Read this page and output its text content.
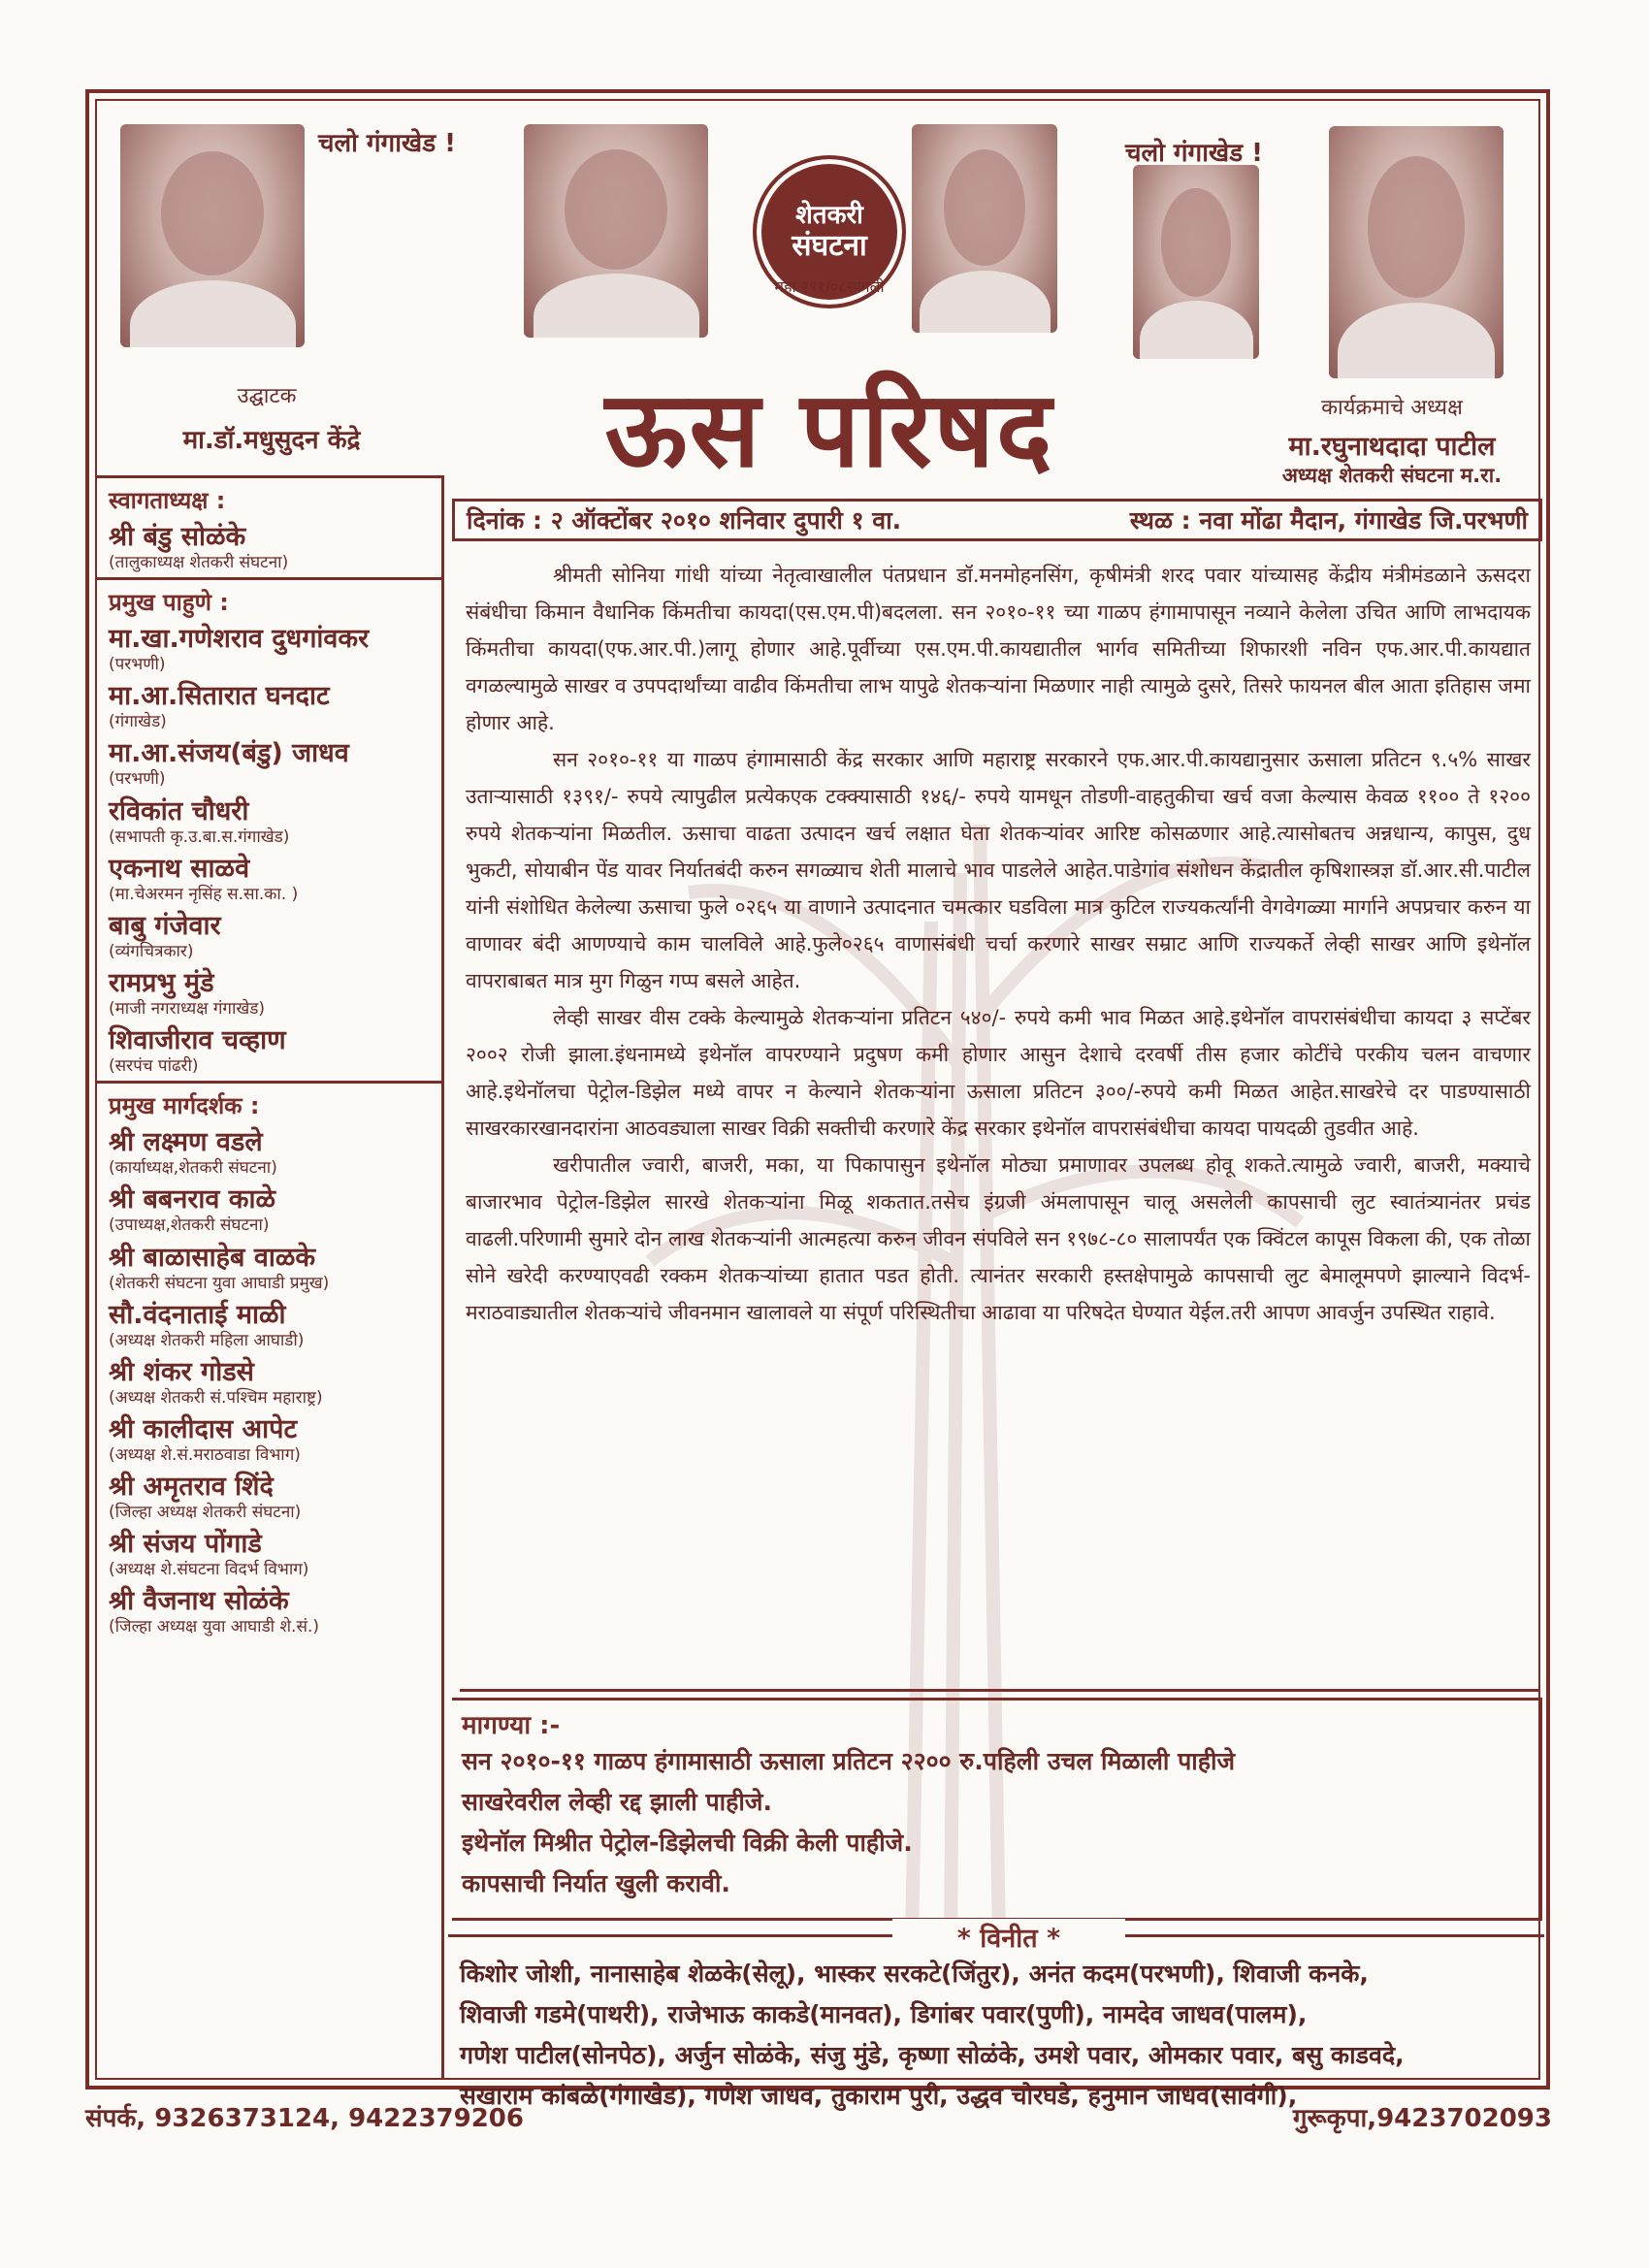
चलो गंगाखेड !	चलो गंगाखेड !
शेतकरी
संघटना
महा.२९१/०८सांगली
उद्घाटक
मा.डॉ.मधुसुदन केंद्रे	ऊस परिषद	कार्यक्रमाचे अध्यक्ष
मा.रघुनाथदादा पाटील
अध्यक्ष शेतकरी संघटना म.रा.
स्वागताध्यक्ष :
श्री बंडु सोळंके
(तालुकाध्यक्ष शेतकरी संघटना)
प्रमुख पाहुणे :
मा.खा.गणेशराव दुधगांवकर
(परभणी)
मा.आ.सितारात घनदाट
(गंगाखेड)
मा.आ.संजय(बंडु) जाधव
(परभणी)
रविकांत चौधरी
(सभापती कृ.उ.बा.स.गंगाखेड)
एकनाथ साळवे
(मा.चेअरमन नृसिंह स.सा.का. )
बाबु गंजेवार
(व्यंगचित्रकार)
रामप्रभु मुंडे
(माजी नगराध्यक्ष गंगाखेड)
शिवाजीराव चव्हाण
(सरपंच पांढरी)
प्रमुख मार्गदर्शक :
श्री लक्ष्मण वडले
(कार्याध्यक्ष,शेतकरी संघटना)
श्री बबनराव काळे
(उपाध्यक्ष,शेतकरी संघटना)
श्री बाळासाहेब वाळके
(शेतकरी संघटना युवा आघाडी प्रमुख)
सौ.वंदनाताई माळी
(अध्यक्ष शेतकरी महिला आघाडी)
श्री शंकर गोडसे
(अध्यक्ष शेतकरी सं.पश्चिम महाराष्ट्र)
श्री कालीदास आपेट
(अध्यक्ष शे.सं.मराठवाडा विभाग)
श्री अमृतराव शिंदे
(जिल्हा अध्यक्ष शेतकरी संघटना)
श्री संजय पोंगाडे
(अध्यक्ष शे.संघटना विदर्भ विभाग)
श्री वैजनाथ सोळंके
(जिल्हा अध्यक्ष युवा आघाडी शे.सं.)
दिनांक : २ ऑक्टोंबर २०१० शनिवार दुपारी १ वा.	स्थळ : नवा मोंढा मैदान, गंगाखेड जि.परभणी

श्रीमती सोनिया गांधी यांच्या नेतृत्वाखालील पंतप्रधान डॉ.मनमोहनसिंग, कृषीमंत्री शरद पवार यांच्यासह केंद्रीय मंत्रीमंडळाने ऊसदरा संबंधीचा किमान वैधानिक किंमतीचा कायदा(एस.एम.पी)बदलला. सन २०१०-११ च्या गाळप हंगामापासून नव्याने केलेला उचित आणि लाभदायक किंमतीचा कायदा(एफ.आर.पी.)लागू होणार आहे.पूर्वीच्या एस.एम.पी.कायद्यातील भार्गव समितीच्या शिफारशी नविन एफ.आर.पी.कायद्यात वगळल्यामुळे साखर व उपपदार्थांच्या वाढीव किंमतीचा लाभ यापुढे शेतकऱ्यांना मिळणार नाही त्यामुळे दुसरे, तिसरे फायनल बील आता इतिहास जमा होणार आहे.

सन २०१०-११ या गाळप हंगामासाठी केंद्र सरकार आणि महाराष्ट्र सरकारने एफ.आर.पी.कायद्यानुसार ऊसाला प्रतिटन ९.५% साखर उताऱ्यासाठी १३९१/- रुपये त्यापुढील प्रत्येकएक टक्क्यासाठी १४६/- रुपये यामधून तोडणी-वाहतुकीचा खर्च वजा केल्यास केवळ ११०० ते १२०० रुपये शेतकऱ्यांना मिळतील. ऊसाचा वाढता उत्पादन खर्च लक्षात घेता शेतकऱ्यांवर आरिष्ट कोसळणार आहे.त्यासोबतच अन्नधान्य, कापुस, दुध भुकटी, सोयाबीन पेंड यावर निर्यातबंदी करुन सगळ्याच शेती मालाचे भाव पाडलेले आहेत.पाडेगांव संशोधन केंद्रातील कृषिशास्त्रज्ञ डॉ.आर.सी.पाटील यांनी संशोधित केलेल्या ऊसाचा फुले ०२६५ या वाणाने उत्पादनात चमत्कार घडविला मात्र कुटिल राज्यकर्त्यांनी वेगवेगळ्या मार्गाने अपप्रचार करुन या वाणावर बंदी आणण्याचे काम चालविले आहे.फुले०२६५ वाणासंबंधी चर्चा करणारे साखर सम्राट आणि राज्यकर्ते लेव्ही साखर आणि इथेनॉल वापराबाबत मात्र मुग गिळुन गप्प बसले आहेत.

लेव्ही साखर वीस टक्के केल्यामुळे शेतकऱ्यांना प्रतिटन ५४०/- रुपये कमी भाव मिळत आहे.इथेनॉल वापरासंबंधीचा कायदा ३ सप्टेंबर २००२ रोजी झाला.इंधनामध्ये इथेनॉल वापरण्याने प्रदुषण कमी होणार आसुन देशाचे दरवर्षी तीस हजार कोटींचे परकीय चलन वाचणार आहे.इथेनॉलचा पेट्रोल-डिझेल मध्ये वापर न केल्याने शेतकऱ्यांना ऊसाला प्रतिटन ३००/-रुपये कमी मिळत आहेत.साखरेचे दर पाडण्यासाठी साखरकारखानदारांना आठवड्याला साखर विक्री सक्तीची करणारे केंद्र सरकार इथेनॉल वापरासंबंधीचा कायदा पायदळी तुडवीत आहे.

खरीपातील ज्वारी, बाजरी, मका, या पिकापासुन इथेनॉल मोठ्या प्रमाणावर उपलब्ध होवू शकते.त्यामुळे ज्वारी, बाजरी, मक्याचे बाजारभाव पेट्रोल-डिझेल सारखे शेतकऱ्यांना मिळू शकतात.तसेच इंग्रजी अंमलापासून चालू असलेली कापसाची लुट स्वातंत्र्यानंतर प्रचंड वाढली.परिणामी सुमारे दोन लाख शेतकऱ्यांनी आत्महत्या करुन जीवन संपविले सन १९७८-८० सालापर्यंत एक क्विंटल कापूस विकला की, एक तोळा सोने खरेदी करण्याएवढी रक्कम शेतकऱ्यांच्या हातात पडत होती. त्यानंतर सरकारी हस्तक्षेपामुळे कापसाची लुट बेमालूमपणे झाल्याने विदर्भ-मराठवाड्यातील शेतकऱ्यांचे जीवनमान खालावले या संपूर्ण परिस्थितीचा आढावा या परिषदेत घेण्यात येईल.तरी आपण आवर्जुन उपस्थित राहावे.

मागण्या :-
सन २०१०-११ गाळप हंगामासाठी ऊसाला प्रतिटन २२०० रु.पहिली उचल मिळाली पाहीजे
साखरेवरील लेव्ही रद्द झाली पाहीजे.
इथेनॉल मिश्रीत पेट्रोल-डिझेलची विक्री केली पाहीजे.
कापसाची निर्यात खुली करावी.
* विनीत *
किशोर जोशी, नानासाहेब शेळके(सेलू), भास्कर सरकटे(जिंतुर), अनंत कदम(परभणी), शिवाजी कनके,
शिवाजी गडमे(पाथरी), राजेभाऊ काकडे(मानवत), डिगांबर पवार(पुणी), नामदेव जाधव(पालम),
गणेश पाटील(सोनपेठ), अर्जुन सोळंके, संजु मुंडे, कृष्णा सोळंके, उमशे पवार, ओमकार पवार, बसु काडवदे,
सखाराम कांबळे(गंगाखेड), गणेश जाधव, तुकाराम पुरी, उद्धव चोरघडे, हनुमान जाधव(सावंगी),
संपर्क, 9326373124, 9422379206	गुरूकृपा,9423702093
